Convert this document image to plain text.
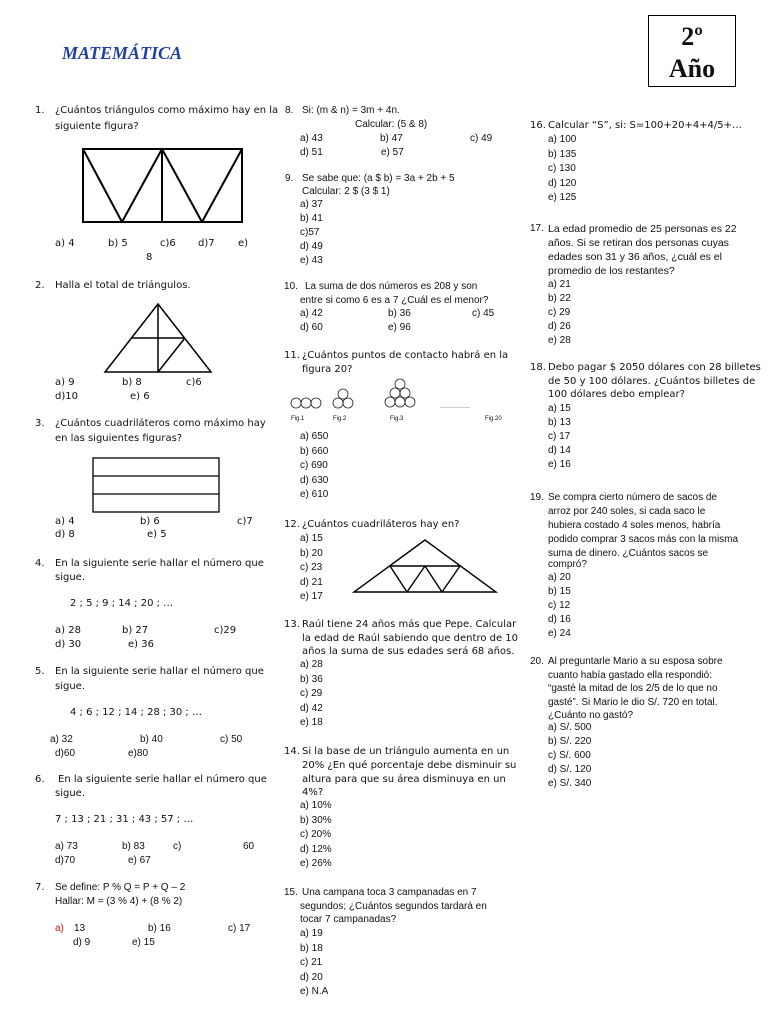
MATEMÁTICA
2º
Año
1. ¿Cuántos triángulos como máximo hay en la
siguiente figura?
a) 4	b) 5	c)6 d)7 e)
8
2. Halla el total de triángulos.
a) 9	b) 8	c)6
d)10	e) 6
3. ¿Cuántos cuadriláteros como máximo hay
en las siguientes figuras?
a) 4	b) 6	c)7
d) 8	e) 5
4. En la siguiente serie hallar el número que
sigue.
2 ; 5 ; 9 ; 14 ; 20 ; …
a) 28	b) 27	c)29
d) 30	e) 36
5. En la siguiente serie hallar el número que
sigue.
4 ; 6 ; 12 ; 14 ; 28 ; 30 ; …
a) 32	b) 40	c) 50
d)60	e)80
6. En la siguiente serie hallar el número que
sigue.
7 ; 13 ; 21 ; 31 ; 43 ; 57 ; …
a) 73	b) 83	c)	60
d)70	e) 67
7. Se define: P % Q = P + Q – 2
Hallar: M = (3 % 4) + (8 % 2)
a) 13	b) 16	c) 17
d) 9	e) 15
8. Si: (m & n) = 3m + 4n.
Calcular: (5 & 8)
a) 43	b) 47	c) 49
d) 51	e) 57
9. Se sabe que: (a $ b) = 3a + 2b + 5
Calcular: 2 $ (3 $ 1)
a) 37
b) 41
c)57
d) 49
e) 43
10. La suma de dos números es 208 y son
entre si como 6 es a 7 ¿Cuál es el menor?
a) 42	b) 36	c) 45
d) 60	e) 96
11. ¿Cuántos puntos de contacto habrá en la
figura 20?
Fig.1	Fig.2	Fig.3	Fig.20
……………
a) 650
b) 660
c) 690
d) 630
e) 610
12. ¿Cuántos cuadriláteros hay en?
a) 15
b) 20
c) 23
d) 21
e) 17
13. Raúl tiene 24 años más que Pepe. Calcular
la edad de Raúl sabiendo que dentro de 10
años la suma de sus edades será 68 años.
a) 28
b) 36
c) 29
d) 42
e) 18
14. Si la base de un triángulo aumenta en un
20% ¿En qué porcentaje debe disminuir su
altura para que su área disminuya en un
4%?
a) 10%
b) 30%
c) 20%
d) 12%
e) 26%
15. Una campana toca 3 campanadas en 7
segundos; ¿Cuántos segundos tardará en
tocar 7 campanadas?
a) 19
b) 18
c) 21
d) 20
e) N.A
16. Calcular “S”, si: S=100+20+4+4/5+…
a) 100
b) 135
c) 130
d) 120
e) 125
17. La edad promedio de 25 personas es 22
años. Si se retiran dos personas cuyas
edades son 31 y 36 años, ¿cuál es el
promedio de los restantes?
a) 21
b) 22
c) 29
d) 26
e) 28
18. Debo pagar $ 2050 dólares con 28 billetes
de 50 y 100 dólares. ¿Cuántos billetes de
100 dólares debo emplear?
a) 15
b) 13
c) 17
d) 14
e) 16
19. Se compra cierto número de sacos de
arroz por 240 soles, si cada saco le
hubiera costado 4 soles menos, habría
podido comprar 3 sacos más con la misma
suma de dinero. ¿Cuántos sacos se
compró?
a) 20
b) 15
c) 12
d) 16
e) 24
20. Al preguntarle Mario a su esposa sobre
cuanto había gastado ella respondió:
“gasté la mitad de los 2/5 de lo que no
gasté”. Si Mario le dio S/. 720 en total.
¿Cuánto no gastó?
a) S/. 500
b) S/. 220
c) S/. 600
d) S/. 120
e) S/. 340
